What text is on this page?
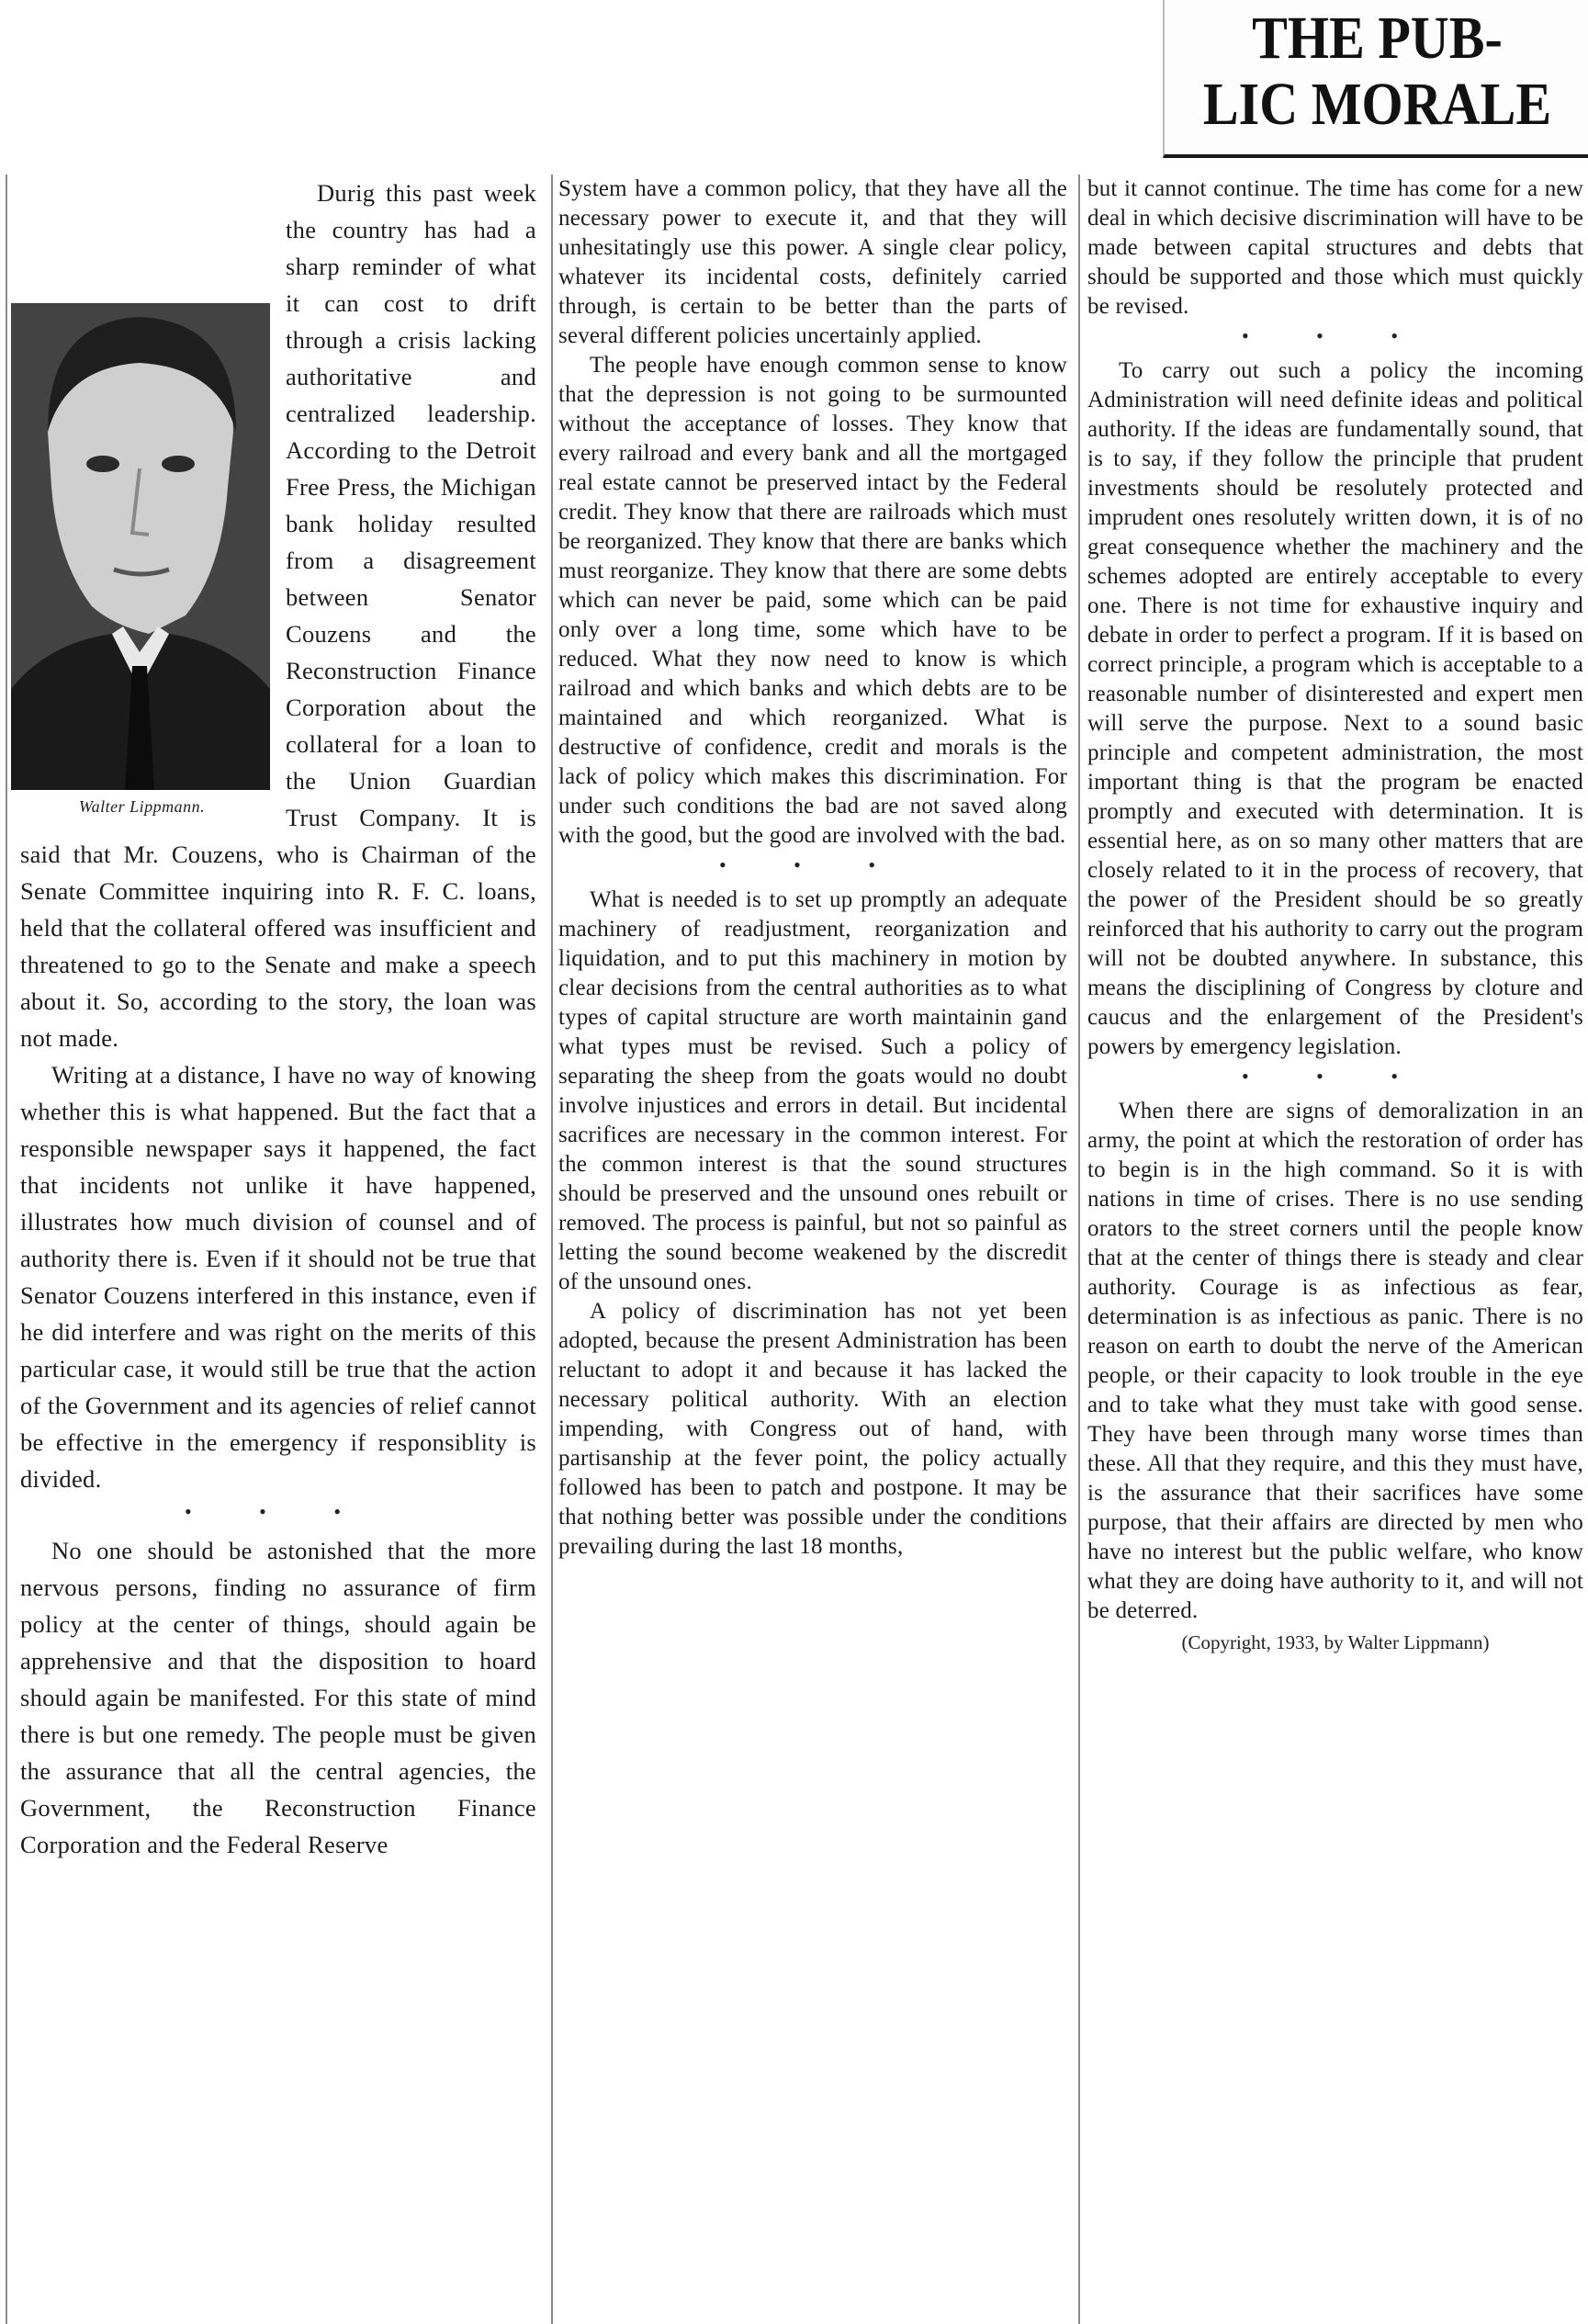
THE PUB-
LIC MORALE
Walter Lippmann.

Durig this past week the country has had a sharp reminder of what it can cost to drift through a crisis lacking authoritative and centralized leadership. According to the Detroit Free Press, the Michigan bank holiday resulted from a disagreement between Senator Couzens and the Reconstruction Finance Corporation about the collateral for a loan to the Union Guardian Trust Company. It is said that Mr. Couzens, who is Chairman of the Senate Committee inquiring into R. F. C. loans, held that the collateral offered was insufficient and threatened to go to the Senate and make a speech about it. So, according to the story, the loan was not made.

Writing at a distance, I have no way of knowing whether this is what happened. But the fact that a responsible newspaper says it happened, the fact that incidents not unlike it have happened, illustrates how much division of counsel and of authority there is. Even if it should not be true that Senator Couzens interfered in this instance, even if he did interfere and was right on the merits of this particular case, it would still be true that the action of the Government and its agencies of relief cannot be effective in the emergency if responsiblity is divided.

• • •

No one should be astonished that the more nervous persons, finding no assurance of firm policy at the center of things, should again be apprehensive and that the disposition to hoard should again be manifested. For this state of mind there is but one remedy. The people must be given the assurance that all the central agencies, the Government, the Reconstruction Finance Corporation and the Federal Reserve

System have a common policy, that they have all the necessary power to execute it, and that they will unhesitatingly use this power. A single clear policy, whatever its incidental costs, definitely carried through, is certain to be better than the parts of several different policies uncertainly applied.

The people have enough common sense to know that the depression is not going to be surmounted without the acceptance of losses. They know that every railroad and every bank and all the mortgaged real estate cannot be preserved intact by the Federal credit. They know that there are railroads which must be reorganized. They know that there are banks which must reorganize. They know that there are some debts which can never be paid, some which can be paid only over a long time, some which have to be reduced. What they now need to know is which railroad and which banks and which debts are to be maintained and which reorganized. What is destructive of confidence, credit and morals is the lack of policy which makes this discrimination. For under such conditions the bad are not saved along with the good, but the good are involved with the bad.

• • •

What is needed is to set up promptly an adequate machinery of readjustment, reorganization and liquidation, and to put this machinery in motion by clear decisions from the central authorities as to what types of capital structure are worth maintainin gand what types must be revised. Such a policy of separating the sheep from the goats would no doubt involve injustices and errors in detail. But incidental sacrifices are necessary in the common interest. For the common interest is that the sound structures should be preserved and the unsound ones rebuilt or removed. The process is painful, but not so painful as letting the sound become weakened by the discredit of the unsound ones.

A policy of discrimination has not yet been adopted, because the present Administration has been reluctant to adopt it and because it has lacked the necessary political authority. With an election impending, with Congress out of hand, with partisanship at the fever point, the policy actually followed has been to patch and postpone. It may be that nothing better was possible under the conditions prevailing during the last 18 months,

but it cannot continue. The time has come for a new deal in which decisive discrimination will have to be made between capital structures and debts that should be supported and those which must quickly be revised.

• • •

To carry out such a policy the incoming Administration will need definite ideas and political authority. If the ideas are fundamentally sound, that is to say, if they follow the principle that prudent investments should be resolutely protected and imprudent ones resolutely written down, it is of no great consequence whether the machinery and the schemes adopted are entirely acceptable to every one. There is not time for exhaustive inquiry and debate in order to perfect a program. If it is based on correct principle, a program which is acceptable to a reasonable number of disinterested and expert men will serve the purpose. Next to a sound basic principle and competent administration, the most important thing is that the program be enacted promptly and executed with determination. It is essential here, as on so many other matters that are closely related to it in the process of recovery, that the power of the President should be so greatly reinforced that his authority to carry out the program will not be doubted anywhere. In substance, this means the disciplining of Congress by cloture and caucus and the enlargement of the President's powers by emergency legislation.

• • •

When there are signs of demoralization in an army, the point at which the restoration of order has to begin is in the high command. So it is with nations in time of crises. There is no use sending orators to the street corners until the people know that at the center of things there is steady and clear authority. Courage is as infectious as fear, determination is as infectious as panic. There is no reason on earth to doubt the nerve of the American people, or their capacity to look trouble in the eye and to take what they must take with good sense. They have been through many worse times than these. All that they require, and this they must have, is the assurance that their sacrifices have some purpose, that their affairs are directed by men who have no interest but the public welfare, who know what they are doing have authority to it, and will not be deterred.

(Copyright, 1933, by Walter Lippmann)
